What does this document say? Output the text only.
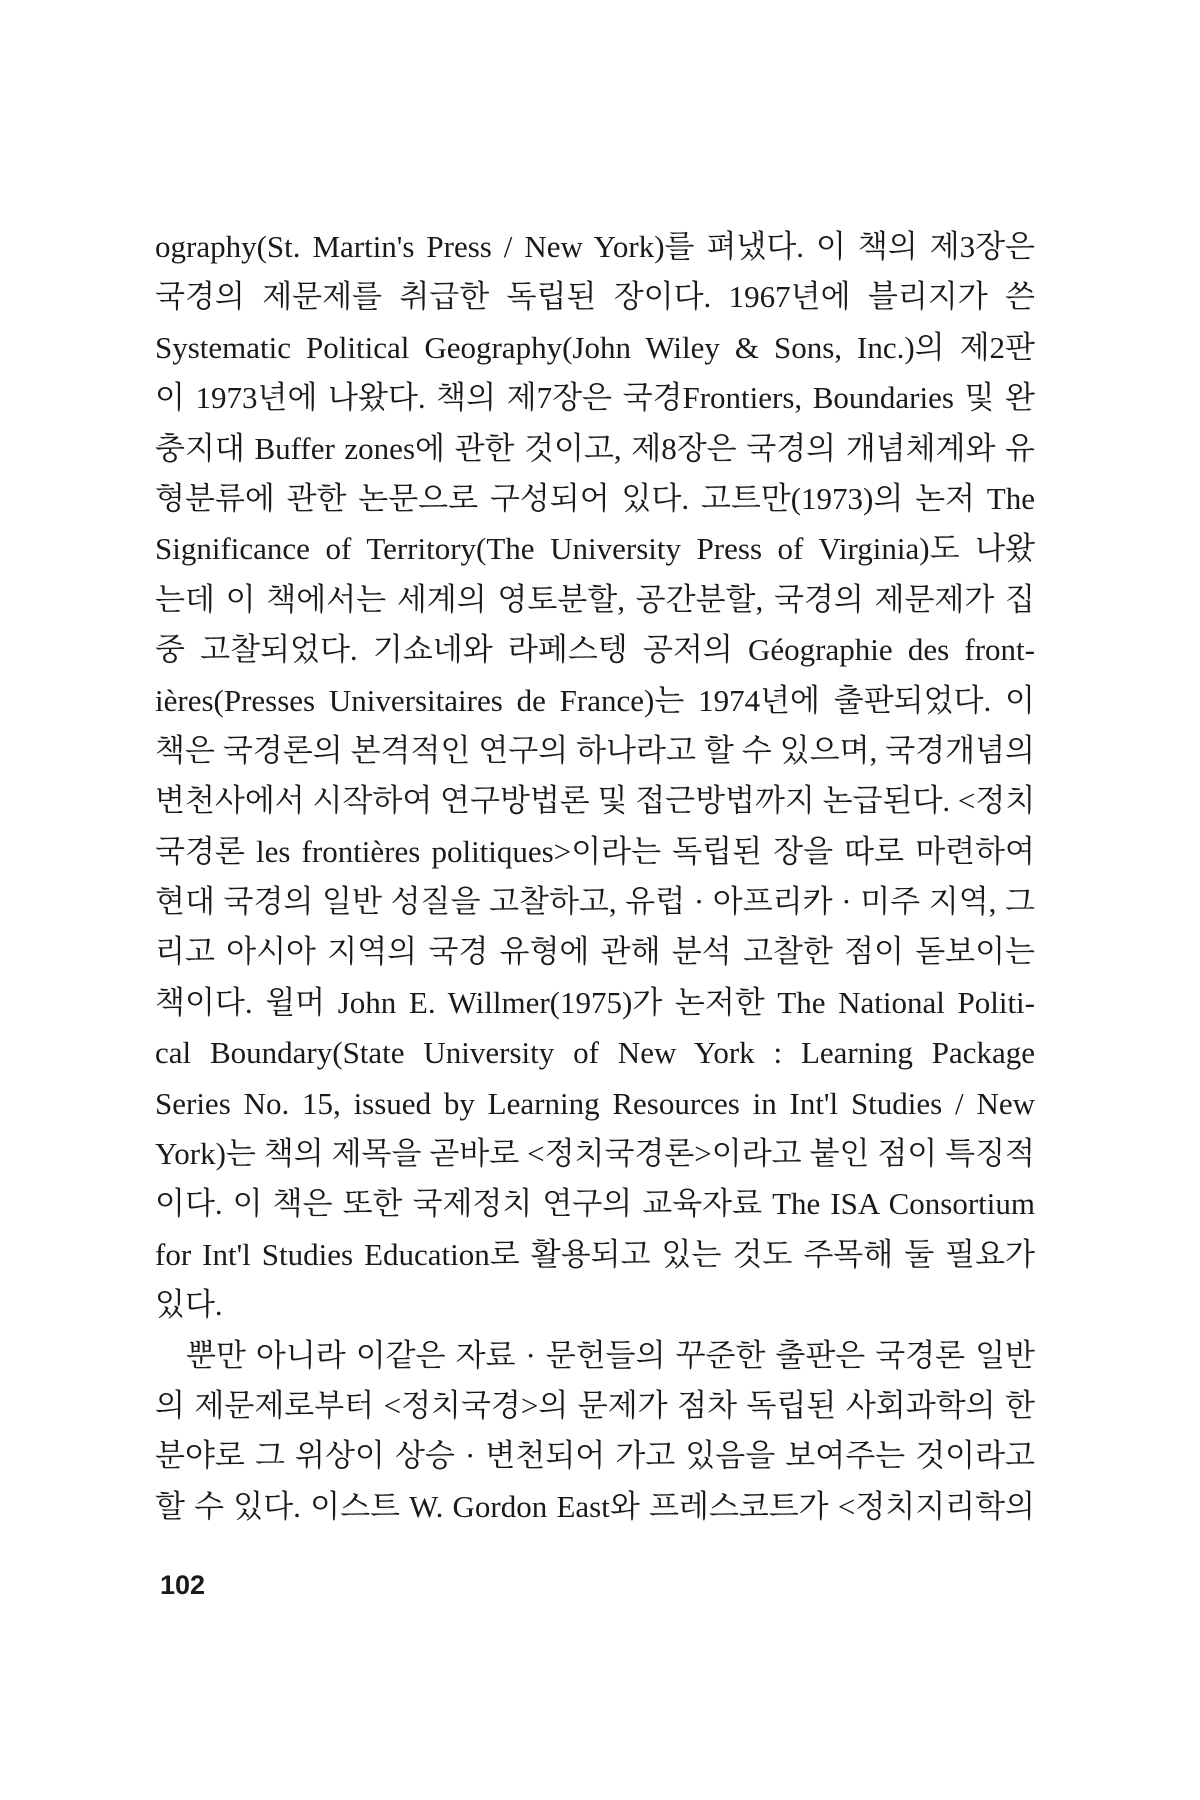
ography(St. Martin's Press / New York)를 펴냈다. 이 책의 제3장은
국경의 제문제를 취급한 독립된 장이다. 1967년에 블리지가 쓴
Systematic Political Geography(John Wiley & Sons, Inc.)의 제2판
이 1973년에 나왔다. 책의 제7장은 국경Frontiers, Boundaries 및 완
충지대 Buffer zones에 관한 것이고, 제8장은 국경의 개념체계와 유
형분류에 관한 논문으로 구성되어 있다. 고트만(1973)의 논저 The
Significance of Territory(The University Press of Virginia)도 나왔
는데 이 책에서는 세계의 영토분할, 공간분할, 국경의 제문제가 집
중 고찰되었다. 기쇼네와 라페스텡 공저의 Géographie des front-
ières(Presses Universitaires de France)는 1974년에 출판되었다. 이
책은 국경론의 본격적인 연구의 하나라고 할 수 있으며, 국경개념의
변천사에서 시작하여 연구방법론 및 접근방법까지 논급된다. <정치
국경론 les frontières politiques>이라는 독립된 장을 따로 마련하여
현대 국경의 일반 성질을 고찰하고, 유럽 · 아프리카 · 미주 지역, 그
리고 아시아 지역의 국경 유형에 관해 분석 고찰한 점이 돋보이는
책이다. 윌머 John E. Willmer(1975)가 논저한 The National Politi-
cal Boundary(State University of New York : Learning Package
Series No. 15, issued by Learning Resources in Int'l Studies / New
York)는 책의 제목을 곧바로 <정치국경론>이라고 붙인 점이 특징적
이다. 이 책은 또한 국제정치 연구의 교육자료 The ISA Consortium
for Int'l Studies Education로 활용되고 있는 것도 주목해 둘 필요가
있다.
뿐만 아니라 이같은 자료 · 문헌들의 꾸준한 출판은 국경론 일반
의 제문제로부터 <정치국경>의 문제가 점차 독립된 사회과학의 한
분야로 그 위상이 상승 · 변천되어 가고 있음을 보여주는 것이라고
할 수 있다. 이스트 W. Gordon East와 프레스코트가 <정치지리학의
102
